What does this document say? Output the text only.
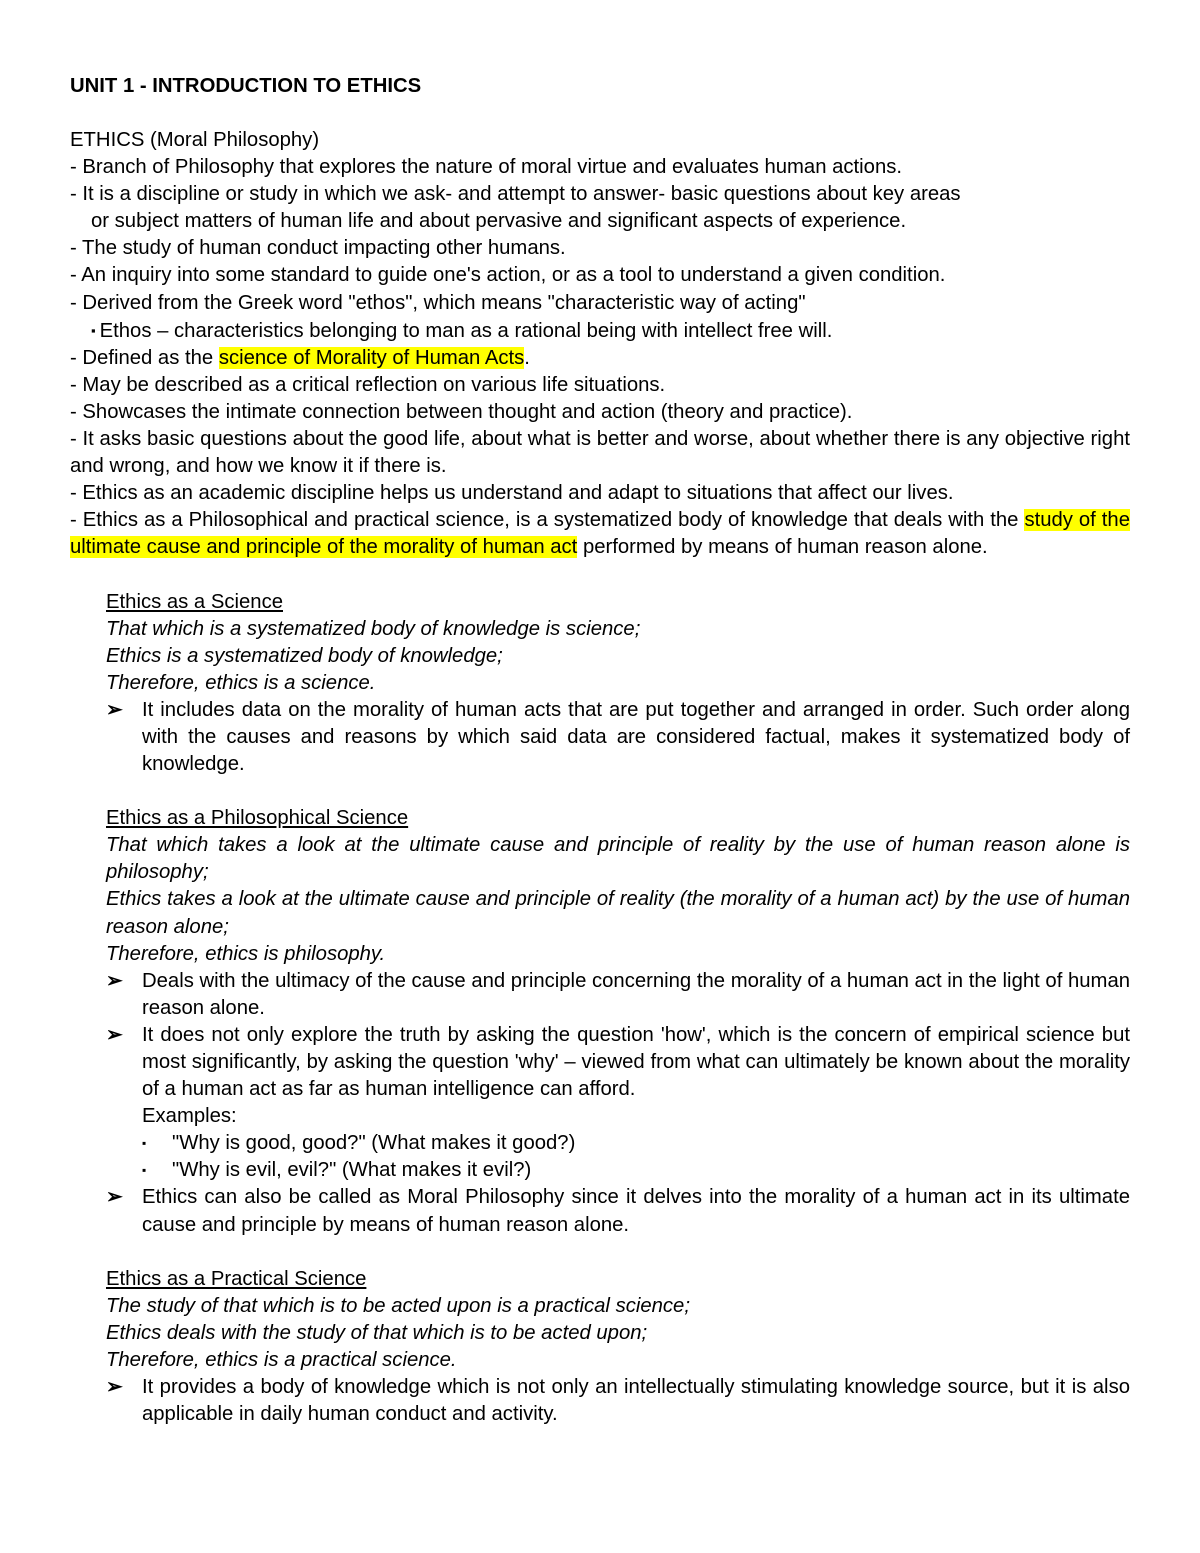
UNIT 1 - INTRODUCTION TO ETHICS

ETHICS (Moral Philosophy)

- Branch of Philosophy that explores the nature of moral virtue and evaluates human actions.

- It is a discipline or study in which we ask- and attempt to answer- basic questions about key areas

or subject matters of human life and about pervasive and significant aspects of experience.

- The study of human conduct impacting other humans.

- An inquiry into some standard to guide one's action, or as a tool to understand a given condition.

- Derived from the Greek word "ethos", which means "characteristic way of acting"

▪ Ethos – characteristics belonging to man as a rational being with intellect free will.

- Defined as the science of Morality of Human Acts.

- May be described as a critical reflection on various life situations.

- Showcases the intimate connection between thought and action (theory and practice).

- It asks basic questions about the good life, about what is better and worse, about whether there is any objective right and wrong, and how we know it if there is.

- Ethics as an academic discipline helps us understand and adapt to situations that affect our lives.

- Ethics as a Philosophical and practical science, is a systematized body of knowledge that deals with the study of the ultimate cause and principle of the morality of human act performed by means of human reason alone.

Ethics as a Science

That which is a systematized body of knowledge is science;

Ethics is a systematized body of knowledge;

Therefore, ethics is a science.

➢ It includes data on the morality of human acts that are put together and arranged in order. Such order along with the causes and reasons by which said data are considered factual, makes it systematized body of knowledge.

Ethics as a Philosophical Science

That which takes a look at the ultimate cause and principle of reality by the use of human reason alone is philosophy;

Ethics takes a look at the ultimate cause and principle of reality (the morality of a human act) by the use of human reason alone;

Therefore, ethics is philosophy.

➢ Deals with the ultimacy of the cause and principle concerning the morality of a human act in the light of human reason alone.
➢ It does not only explore the truth by asking the question 'how', which is the concern of empirical science but most significantly, by asking the question 'why' – viewed from what can ultimately be known about the morality of a human act as far as human intelligence can afford.
Examples:
▪	"Why is good, good?" (What makes it good?)
▪	"Why is evil, evil?" (What makes it evil?)
➢ Ethics can also be called as Moral Philosophy since it delves into the morality of a human act in its ultimate cause and principle by means of human reason alone.

Ethics as a Practical Science

The study of that which is to be acted upon is a practical science;

Ethics deals with the study of that which is to be acted upon;

Therefore, ethics is a practical science.

➢ It provides a body of knowledge which is not only an intellectually stimulating knowledge source, but it is also applicable in daily human conduct and activity.
